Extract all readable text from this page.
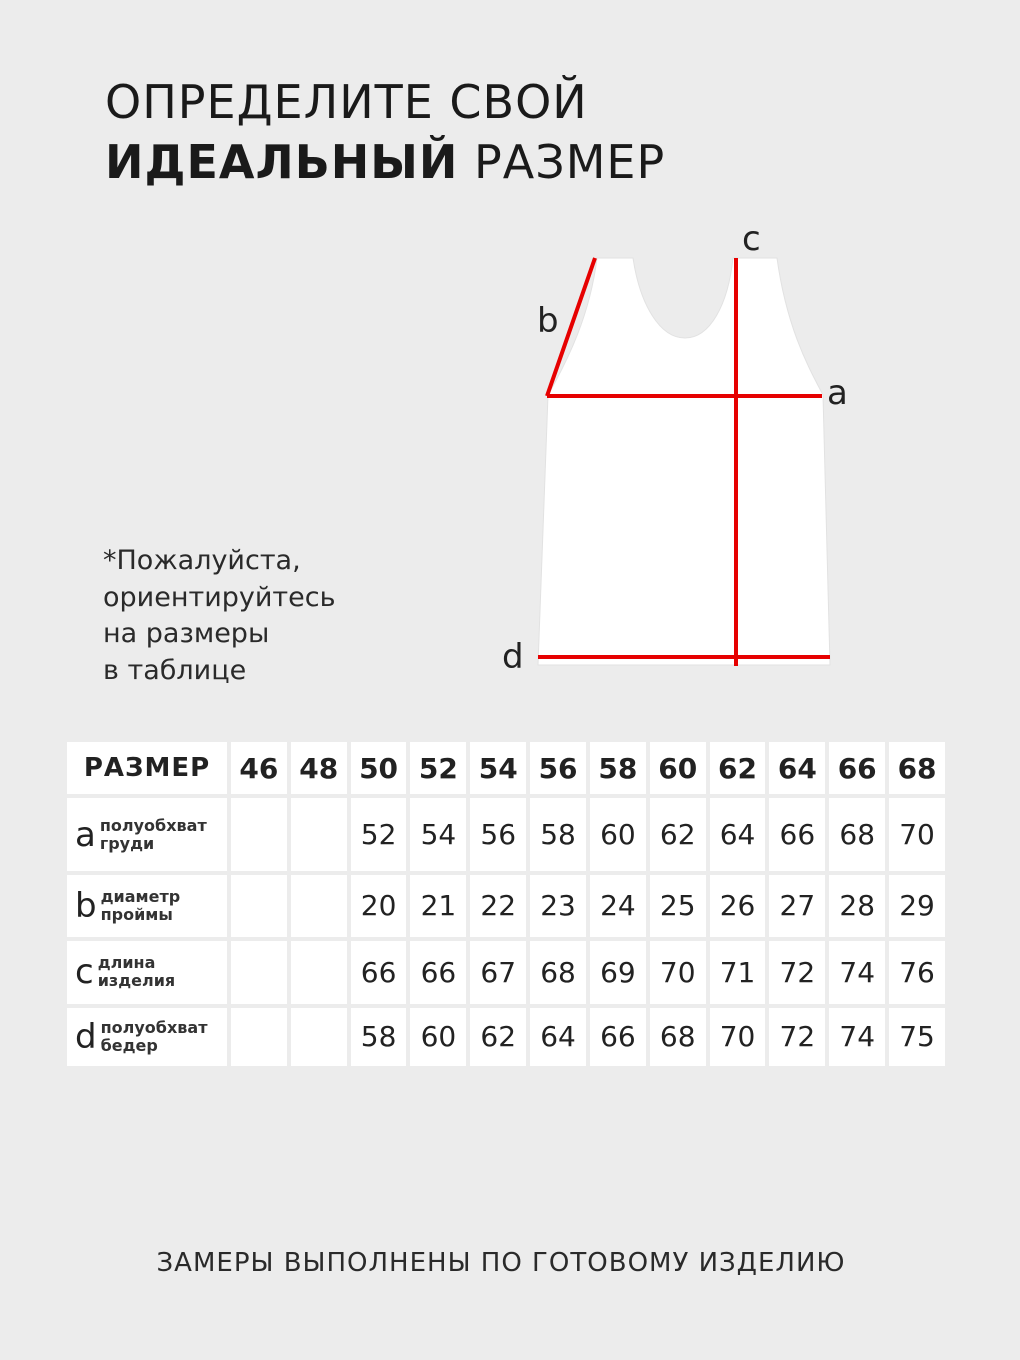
ОПРЕДЕЛИТЕ СВОЙ
ИДЕАЛЬНЫЙ РАЗМЕР
c
b
a
d
*Пожалуйста,
ориентируйтесь
на размеры
в таблице
РАЗМЕР	46	48	50	52	54	56	58	60	62	64	66	68

a полуобхват
груди			52	54	56	58	60	62	64	66	68	70

b диаметр
проймы			20	21	22	23	24	25	26	27	28	29

c длина
изделия			66	66	67	68	69	70	71	72	74	76

d полуобхват
бедер			58	60	62	64	66	68	70	72	74	75
ЗАМЕРЫ ВЫПОЛНЕНЫ ПО ГОТОВОМУ ИЗДЕЛИЮ
